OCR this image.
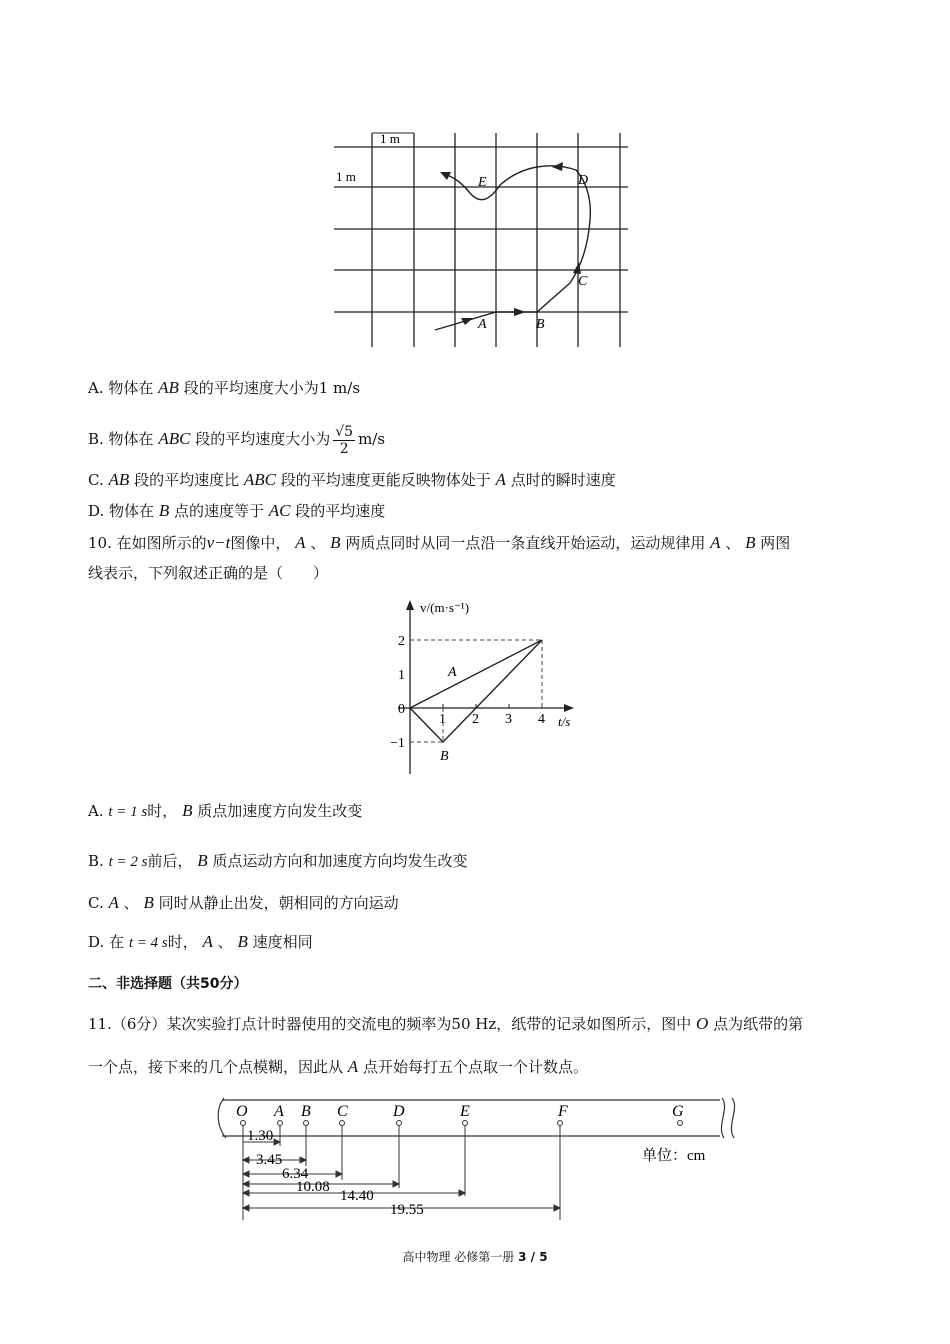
1 m
1 m
A	B
C
D
E
A. 物体在 AB 段的平均速度大小为1 m/s
B. 物体在 ABC 段的平均速度大小为 $\frac{√5}{2} m/s$
C. AB 段的平均速度比 ABC 段的平均速度更能反映物体处于 A 点时的瞬时速度
D. 物体在 B 点的速度等于 AC 段的平均速度
10. 在如图所示的v−t图像中， A 、 B 两质点同时从同一点沿一条直线开始运动，运动规律用 A 、 B 两图
线表示，下列叙述正确的是（　　）
v/(m·s⁻¹)
t/s
2
1
0
−1
1 2 3 4
A
B
A. t = 1 s时， B 质点加速度方向发生改变
B. t = 2 s前后， B 质点运动方向和加速度方向均发生改变
C. A 、 B 同时从静止出发，朝相同的方向运动
D. 在 t = 4 s时， A 、 B 速度相同
二、非选择题（共50分）
11.（6分）某次实验打点计时器使用的交流电的频率为50 Hz，纸带的记录如图所示，图中 O 点为纸带的第
一个点，接下来的几个点模糊，因此从 A 点开始每打五个点取一个计数点。
O A B C	D	E	F	G
1.30
3.45
6.34
10.08
14.40
19.55
单位：cm
高中物理 必修第一册 3 / 5
